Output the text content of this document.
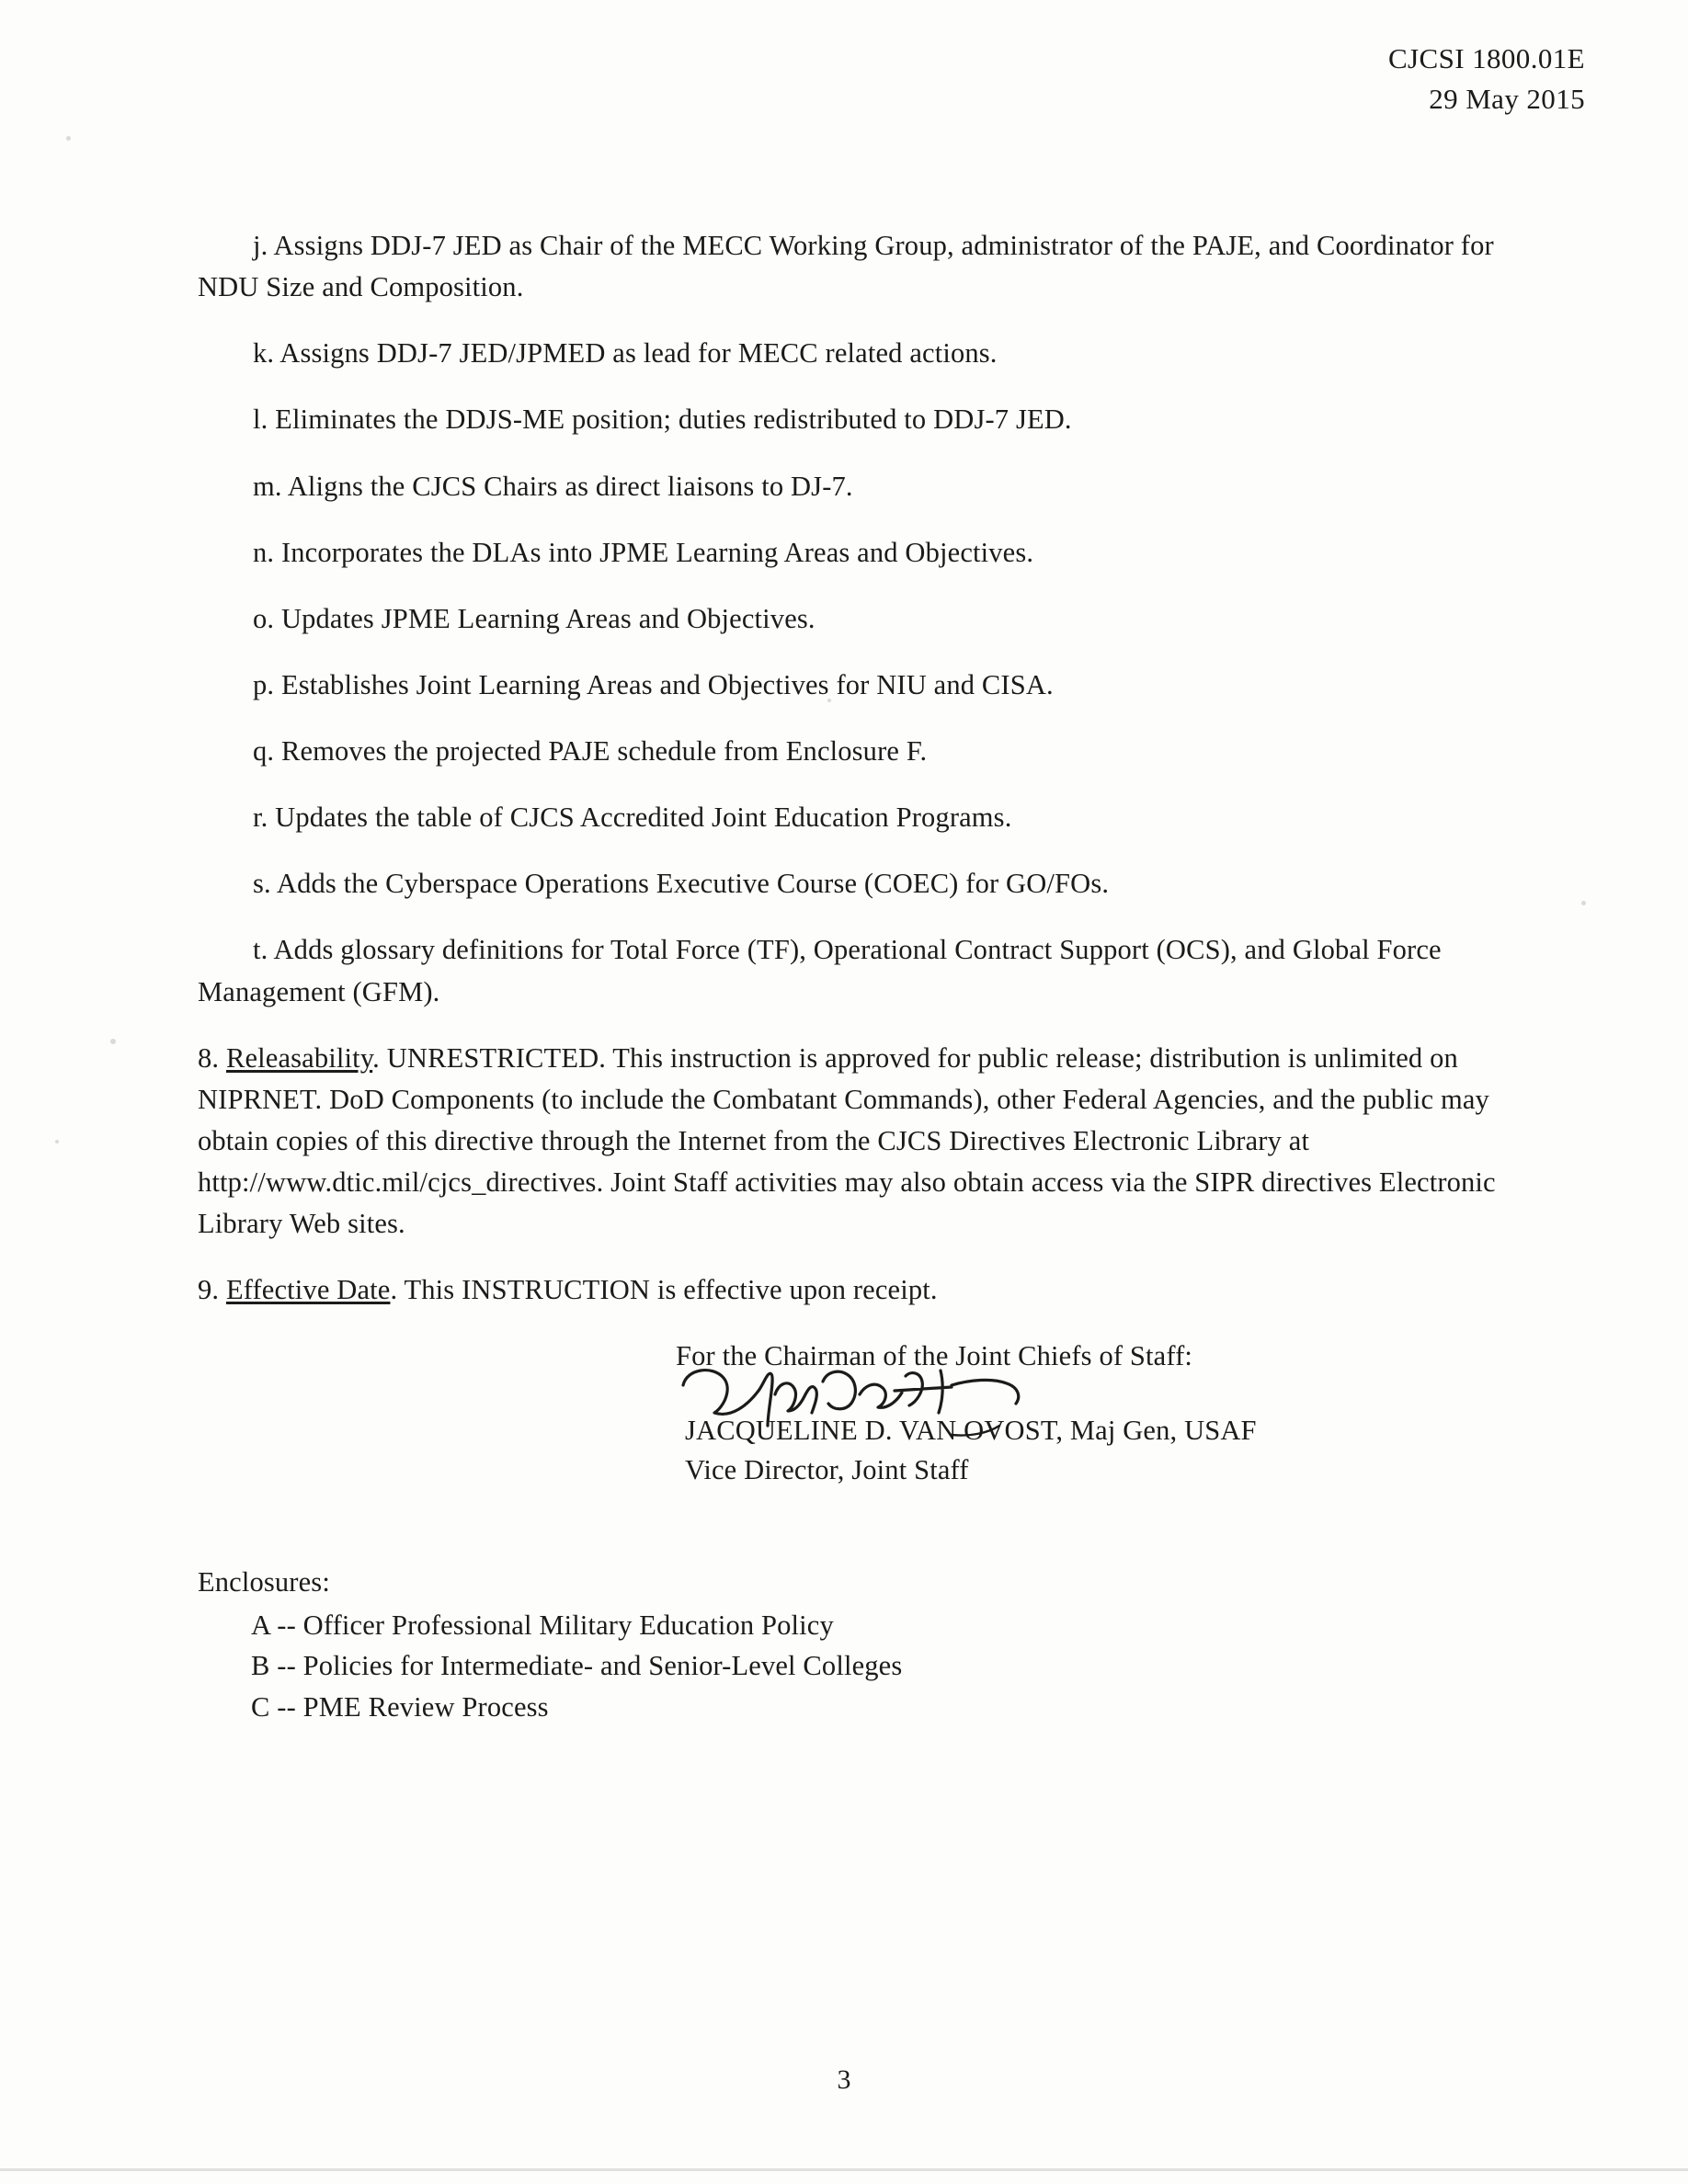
CJCSI 1800.01E
29 May 2015

j. Assigns DDJ-7 JED as Chair of the MECC Working Group, administrator of the PAJE, and Coordinator for NDU Size and Composition.

k. Assigns DDJ-7 JED/JPMED as lead for MECC related actions.

l. Eliminates the DDJS-ME position; duties redistributed to DDJ-7 JED.

m. Aligns the CJCS Chairs as direct liaisons to DJ-7.

n. Incorporates the DLAs into JPME Learning Areas and Objectives.

o. Updates JPME Learning Areas and Objectives.

p. Establishes Joint Learning Areas and Objectives for NIU and CISA.

q. Removes the projected PAJE schedule from Enclosure F.

r. Updates the table of CJCS Accredited Joint Education Programs.

s. Adds the Cyberspace Operations Executive Course (COEC) for GO/FOs.

t. Adds glossary definitions for Total Force (TF), Operational Contract Support (OCS), and Global Force Management (GFM).

8. Releasability. UNRESTRICTED. This instruction is approved for public release; distribution is unlimited on NIPRNET. DoD Components (to include the Combatant Commands), other Federal Agencies, and the public may obtain copies of this directive through the Internet from the CJCS Directives Electronic Library at http://www.dtic.mil/cjcs_directives. Joint Staff activities may also obtain access via the SIPR directives Electronic Library Web sites.

9. Effective Date. This INSTRUCTION is effective upon receipt.

For the Chairman of the Joint Chiefs of Staff:

JACQUELINE D. VAN OVOST, Maj Gen, USAF
Vice Director, Joint Staff

Enclosures:

A -- Officer Professional Military Education Policy
B -- Policies for Intermediate- and Senior-Level Colleges
C -- PME Review Process
3
